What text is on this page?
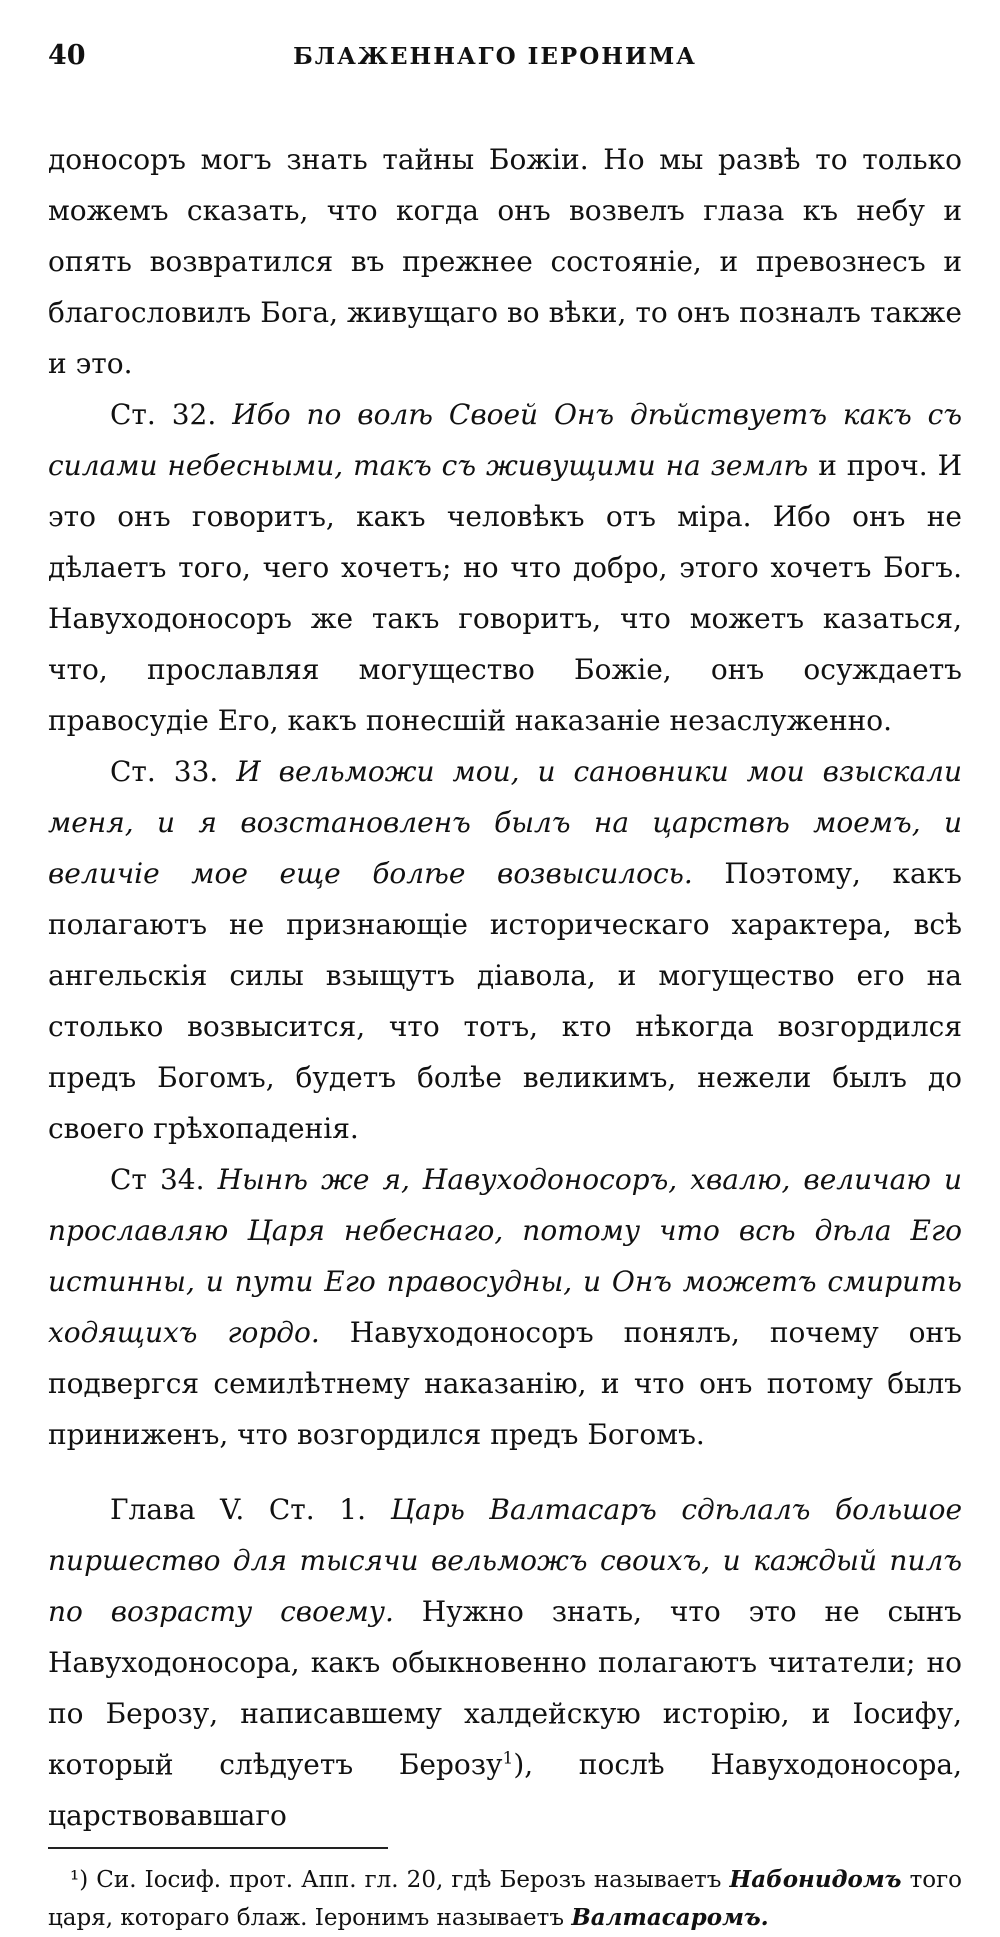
40	БЛАЖЕННАГО ІЕРОНИМА

доносоръ могъ знать тайны Божіи. Но мы развѣ то только можемъ сказать, что когда онъ возвелъ глаза къ небу и опять возвратился въ прежнее состояніе, и превознесъ и благословилъ Бога, живущаго во вѣки, то онъ позналъ также и это.

Ст. 32. Ибо по волѣ Своей Онъ дѣйствуетъ какъ съ силами небесными, такъ съ живущими на землѣ и проч. И это онъ говоритъ, какъ человѣкъ отъ міра. Ибо онъ не дѣлаетъ того, чего хочетъ; но что добро, этого хочетъ Богъ. Навуходоносоръ же такъ говоритъ, что можетъ казаться, что, прославляя могущество Божіе, онъ осуждаетъ правосудіе Его, какъ понесшій наказаніе незаслуженно.

Ст. 33. И вельможи мои, и сановники мои взыскали меня, и я возстановленъ былъ на царствѣ моемъ, и величіе мое еще болѣе возвысилось. Поэтому, какъ полагаютъ не признающіе историческаго характера, всѣ ангельскія силы взыщутъ діавола, и могущество его на столько возвысится, что тотъ, кто нѣкогда возгордился предъ Богомъ, будетъ болѣе великимъ, нежели былъ до своего грѣхопаденія.

Ст 34. Нынѣ же я, Навуходоносоръ, хвалю, величаю и прославляю Царя небеснаго, потому что всѣ дѣла Его истинны, и пути Его правосудны, и Онъ можетъ смирить ходящихъ гордо. Навуходоносоръ понялъ, почему онъ подвергся семилѣтнему наказанію, и что онъ потому былъ приниженъ, что возгордился предъ Богомъ.

Глава V. Ст. 1. Царь Валтасаръ сдѣлалъ большое пиршество для тысячи вельможъ своихъ, и каждый пилъ по возрасту своему. Нужно знать, что это не сынъ Навуходоносора, какъ обыкновенно полагаютъ читатели; но по Берозу, написавшему халдейскую исторію, и Іосифу, который слѣдуетъ Берозу$^1$), послѣ Навуходоносора, царствовавшаго

¹) Си. Іосиф. прот. Апп. гл. 20, гдѣ Берозъ называетъ Набонидомъ того царя, котораго блаж. Іеронимъ называетъ Валтасаромъ.
